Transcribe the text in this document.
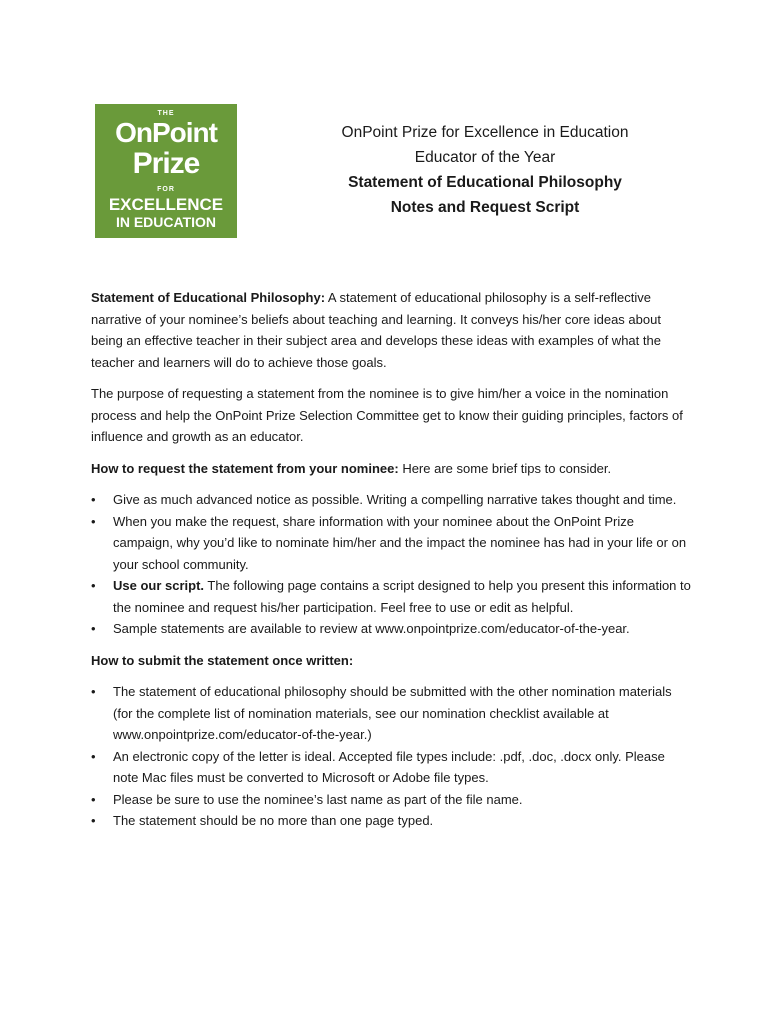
THE
OnPoint
Prize
FOR
EXCELLENCE
IN EDUCATION
OnPoint Prize for Excellence in Education
Educator of the Year
Statement of Educational Philosophy
Notes and Request Script

Statement of Educational Philosophy: A statement of educational philosophy is a self-reflective narrative of your nominee’s beliefs about teaching and learning. It conveys his/her core ideas about being an effective teacher in their subject area and develops these ideas with examples of what the teacher and learners will do to achieve those goals.

The purpose of requesting a statement from the nominee is to give him/her a voice in the nomination process and help the OnPoint Prize Selection Committee get to know their guiding principles, factors of influence and growth as an educator.

How to request the statement from your nominee: Here are some brief tips to consider.

• Give as much advanced notice as possible. Writing a compelling narrative takes thought and time.
• When you make the request, share information with your nominee about the OnPoint Prize campaign, why you’d like to nominate him/her and the impact the nominee has had in your life or on your school community.
• Use our script. The following page contains a script designed to help you present this information to the nominee and request his/her participation. Feel free to use or edit as helpful.
• Sample statements are available to review at www.onpointprize.com/educator-of-the-year.

How to submit the statement once written:

• The statement of educational philosophy should be submitted with the other nomination materials (for the complete list of nomination materials, see our nomination checklist available at www.onpointprize.com/educator-of-the-year.)
• An electronic copy of the letter is ideal. Accepted file types include: .pdf, .doc, .docx only. Please note Mac files must be converted to Microsoft or Adobe file types.
• Please be sure to use the nominee’s last name as part of the file name.
• The statement should be no more than one page typed.
